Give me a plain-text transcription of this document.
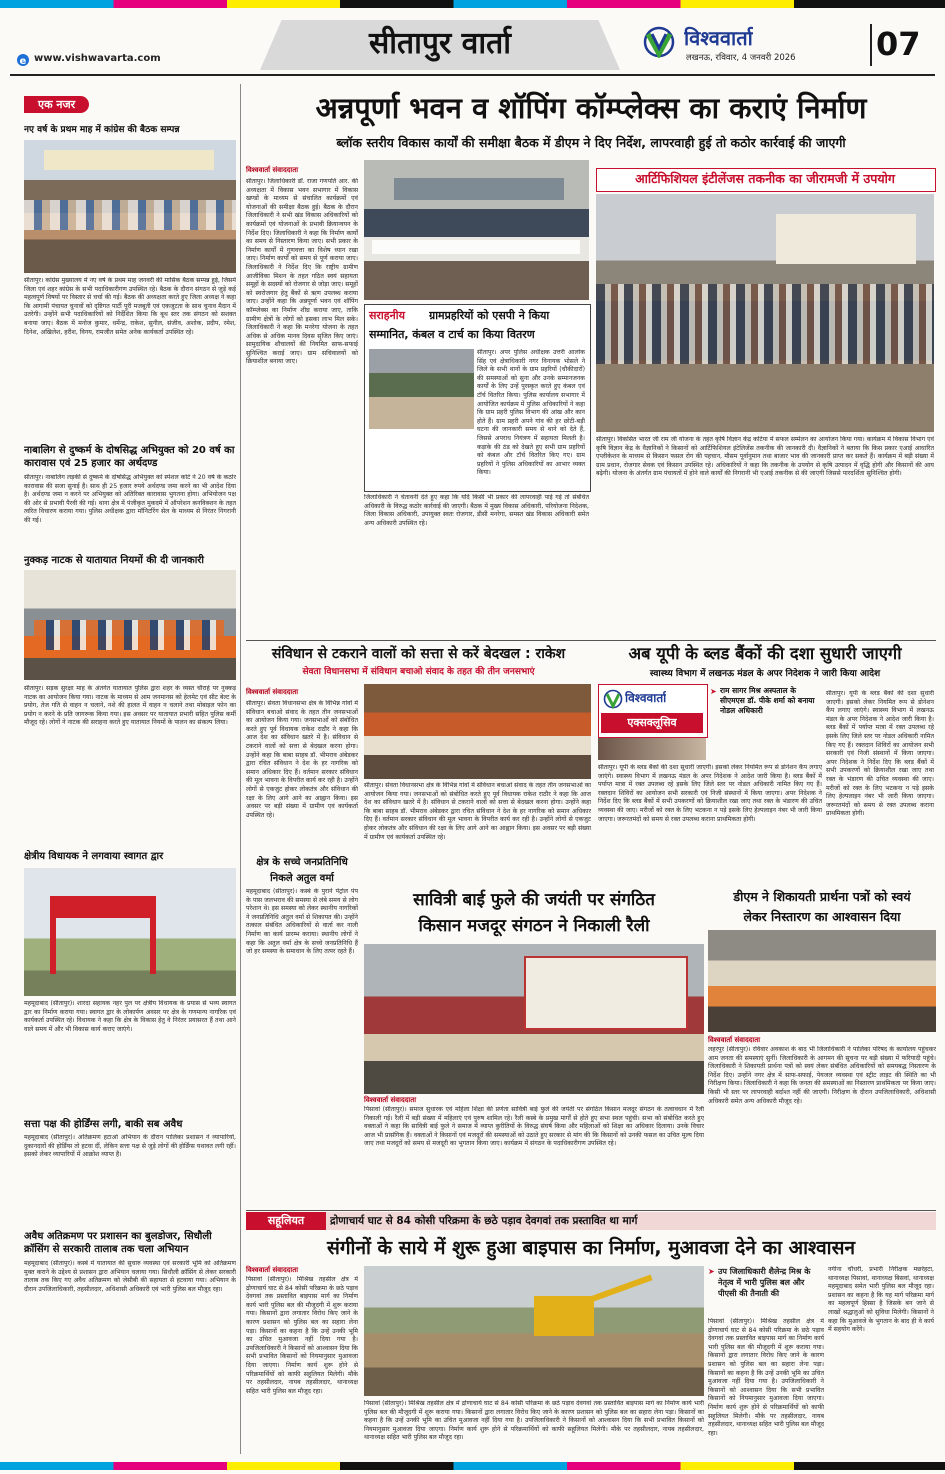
सीतापुर वार्ता	विश्ववार्ता
लखनऊ, रविवार, 4 जनवरी 2026	07
e www.vishwavarta.com
एक नजर
नए वर्ष के प्रथम माह में कांग्रेस की बैठक सम्पन्न
सीतापुर। कांग्रेस मुख्यालय में नए वर्ष के प्रथम माह जनवरी की मासिक बैठक सम्पन्न हुई, जिसमें जिला एवं शहर कांग्रेस के सभी पदाधिकारीगण उपस्थित रहे। बैठक के दौरान संगठन से जुड़े कई महत्वपूर्ण विषयों पर विस्तार से चर्चा की गई। बैठक की अध्यक्षता करते हुए जिला अध्यक्ष ने कहा कि आगामी पंचायत चुनावों को दृष्टिगत पार्टी पूरी मजबूती एवं एकजुटता के साथ चुनाव मैदान में उतरेगी। उन्होंने सभी पदाधिकारियों को निर्देशित किया कि बूथ स्तर तक संगठन को सशक्त बनाया जाए। बैठक में मनोज कुमार, धर्मेन्द्र, राकेश, सुनील, संजीव, अशोक, प्रदीप, रमेश, दिनेश, अखिलेश, हरीश, विनय, रामजीत समेत अनेक कार्यकर्ता उपस्थित रहे।
नाबालिग से दुष्कर्म के दोषसिद्ध अभियुक्त को 20 वर्ष का कारावास एवं 25 हजार का अर्थदण्ड
सीतापुर। नाबालिग लड़की से दुष्कर्म के दोषसिद्ध अभियुक्त को स्पेशल कोर्ट ने 20 वर्ष के कठोर कारावास की सजा सुनाई है। साथ ही 25 हजार रुपये अर्थदण्ड जमा करने का भी आदेश दिया है। अर्थदण्ड जमा न करने पर अभियुक्त को अतिरिक्त कारावास भुगतना होगा। अभियोजन पक्ष की ओर से प्रभावी पैरवी की गई। थाना क्षेत्र में पंजीकृत मुकदमे में ऑपरेशन कनविक्शन के तहत त्वरित विचारण कराया गया। पुलिस अधीक्षक द्वारा मॉनिटरिंग सेल के माध्यम से निरंतर निगरानी की गई।
नुक्कड़ नाटक से यातायात नियमों की दी जानकारी
सीतापुर। सड़क सुरक्षा माह के अंतर्गत यातायात पुलिस द्वारा शहर के व्यस्त चौराहे पर नुक्कड़ नाटक का आयोजन किया गया। नाटक के माध्यम से आम जनमानस को हेलमेट एवं सीट बेल्ट के प्रयोग, तेज गति से वाहन न चलाने, नशे की हालत में वाहन न चलाने तथा मोबाइल फोन का प्रयोग न करने के प्रति जागरूक किया गया। इस अवसर पर यातायात प्रभारी सहित पुलिस कर्मी मौजूद रहे। लोगों ने नाटक की सराहना करते हुए यातायात नियमों के पालन का संकल्प लिया।
क्षेत्रीय विधायक ने लगवाया स्वागत द्वार
महमूदाबाद (सीतापुर)। शारदा सहायक नहर पुल पर क्षेत्रीय विधायक के प्रयास से भव्य स्वागत द्वार का निर्माण कराया गया। स्वागत द्वार के लोकार्पण अवसर पर क्षेत्र के गणमान्य नागरिक एवं कार्यकर्ता उपस्थित रहे। विधायक ने कहा कि क्षेत्र के विकास हेतु वे निरंतर प्रयासरत हैं तथा आने वाले समय में और भी विकास कार्य कराए जाएंगे।
सत्ता पक्ष की होर्डिंग्स लगी, बाकी सब अवैध
महमूदाबाद (सीतापुर)। अतिक्रमण हटाओ अभियान के दौरान पालिका प्रशासन ने व्यापारियों, दुकानदारों की होर्डिंग्स तो हटवा दीं, लेकिन सत्ता पक्ष से जुड़े लोगों की होर्डिंग्स यथावत लगी रहीं। इसको लेकर व्यापारियों में आक्रोश व्याप्त है।
अवैध अतिक्रमण पर प्रशासन का बुलडोजर, सिधौली क्रॉसिंग से सरकारी तालाब तक चला अभियान
महमूदाबाद (सीतापुर)। कस्बे में यातायात की सुचारु व्यवस्था एवं सरकारी भूमि को अतिक्रमण मुक्त कराने के उद्देश्य से प्रशासन द्वारा अभियान चलाया गया। सिधौली क्रॉसिंग से लेकर सरकारी तालाब तक किए गए अवैध अतिक्रमण को जेसीबी की सहायता से हटवाया गया। अभियान के दौरान उपजिलाधिकारी, तहसीलदार, अधिशासी अधिकारी एवं भारी पुलिस बल मौजूद रहा।
अन्नपूर्णा भवन व शॉपिंग कॉम्प्लेक्स का कराएं निर्माण
ब्लॉक स्तरीय विकास कार्यों की समीक्षा बैठक में डीएम ने दिए निर्देश, लापरवाही हुई तो कठोर कार्रवाई की जाएगी
विश्ववार्ता संवाददाता
सीतापुर। जिलाधिकारी डॉ. राजा गणपति आर. की अध्यक्षता में विकास भवन सभागार में विकास खण्डों के माध्यम से संचालित कार्यक्रमों एवं योजनाओं की समीक्षा बैठक हुई। बैठक के दौरान जिलाधिकारी ने सभी खंड विकास अधिकारियों को कार्यक्रमों एवं योजनाओं के प्रभावी क्रियान्वयन के निर्देश दिए। जिलाधिकारी ने कहा कि निर्माण कार्यों का समय से निस्तारण किया जाए। सभी प्रकार के निर्माण कार्यों में गुणवत्ता का विशेष ध्यान रखा जाए। निर्माण कार्यों को समय से पूर्ण कराया जाए। जिलाधिकारी ने निर्देश दिए कि राष्ट्रीय ग्रामीण आजीविका मिशन के तहत गठित स्वयं सहायता समूहों के सदस्यों को रोजगार से जोड़ा जाए। समूहों को स्वरोजगार हेतु बैंकों से ऋण उपलब्ध कराया जाए। उन्होंने कहा कि अन्नपूर्णा भवन एवं शॉपिंग कॉम्प्लेक्स का निर्माण शीघ्र कराया जाए, ताकि ग्रामीण क्षेत्रों के लोगों को इसका लाभ मिल सके। जिलाधिकारी ने कहा कि मनरेगा योजना के तहत अधिक से अधिक मानव दिवस सृजित किए जाएं। सामुदायिक शौचालयों की नियमित साफ-सफाई सुनिश्चित कराई जाए। ग्राम सचिवालयों को क्रियाशील बनाया जाए।
सराहनीय ग्रामप्रहरियों को एसपी ने किया
सम्मानित, कंबल व टार्च का किया वितरण
सीतापुर। अपर पुलिस अधीक्षक उत्तरी आलोक सिंह एवं क्षेत्राधिकारी नगर विनायक भोसले ने जिले के सभी थानों के ग्राम प्रहरियों (चौकीदारों) की समस्याओं को सुना और उनके सम्मानजनक कार्यों के लिए उन्हें पुरस्कृत करते हुए कंबल एवं टॉर्च वितरित किया। पुलिस कार्यालय सभागार में आयोजित कार्यक्रम में पुलिस अधिकारियों ने कहा कि ग्राम प्रहरी पुलिस विभाग की आंख और कान होते हैं। ग्राम प्रहरी अपने गांव की हर छोटी-बड़ी घटना की जानकारी समय से थाने को देते हैं, जिससे अपराध नियंत्रण में सहायता मिलती है। कड़ाके की ठंड को देखते हुए सभी ग्राम प्रहरियों को कंबल और टॉर्च वितरित किए गए। ग्राम प्रहरियों ने पुलिस अधिकारियों का आभार व्यक्त किया।
जिलाधिकारी ने चेतावनी देते हुए कहा कि यदि किसी भी प्रकार की लापरवाही पाई गई तो संबंधित अधिकारी के विरुद्ध कठोर कार्रवाई की जाएगी। बैठक में मुख्य विकास अधिकारी, परियोजना निदेशक, जिला विकास अधिकारी, उपायुक्त स्वतः रोजगार, डीसी मनरेगा, समस्त खंड विकास अधिकारी समेत अन्य अधिकारी उपस्थित रहे।
आर्टिफिशियल इंटीलेंजस तकनीक का जीरामजी में उपयोग
सीतापुर। विकसित भारत जी राम जी योजना के तहत कृषि विज्ञान केंद्र कटिया में सफल सम्मेलन का आयोजन किया गया। कार्यक्रम में विकास विभाग एवं कृषि विज्ञान केंद्र के वैज्ञानिकों ने किसानों को आर्टिफिशियल इंटेलिजेंस तकनीक की जानकारी दी। वैज्ञानिकों ने बताया कि किस प्रकार एआई आधारित एप्लीकेशन के माध्यम से किसान फसल रोग की पहचान, मौसम पूर्वानुमान तथा बाजार भाव की जानकारी प्राप्त कर सकते हैं। कार्यक्रम में बड़ी संख्या में ग्राम प्रधान, रोजगार सेवक एवं किसान उपस्थित रहे। अधिकारियों ने कहा कि तकनीक के उपयोग से कृषि उत्पादन में वृद्धि होगी और किसानों की आय बढ़ेगी। योजना के अंतर्गत ग्राम पंचायतों में होने वाले कार्यों की निगरानी भी एआई तकनीक से की जाएगी जिससे पारदर्शिता सुनिश्चित होगी।
संविधान से टकराने वालों को सत्ता से करें बेदखल : राकेश
सेवता विधानसभा में संविधान बचाओ संवाद के तहत की तीन जनसभाएं
विश्ववार्ता संवाददाता
सीतापुर। सेवता विधानसभा क्षेत्र के विभिन्न गांवों में संविधान बचाओ संवाद के तहत तीन जनसभाओं का आयोजन किया गया। जनसभाओं को संबोधित करते हुए पूर्व विधायक राकेश राठौर ने कहा कि आज देश का संविधान खतरे में है। संविधान से टकराने वालों को सत्ता से बेदखल करना होगा। उन्होंने कहा कि बाबा साहब डॉ. भीमराव अंबेडकर द्वारा रचित संविधान ने देश के हर नागरिक को समान अधिकार दिए हैं। वर्तमान सरकार संविधान की मूल भावना के विपरीत कार्य कर रही है। उन्होंने लोगों से एकजुट होकर लोकतंत्र और संविधान की रक्षा के लिए आगे आने का आह्वान किया। इस अवसर पर बड़ी संख्या में ग्रामीण एवं कार्यकर्ता उपस्थित रहे।
सीतापुर। सेवता विधानसभा क्षेत्र के विभिन्न गांवों में संविधान बचाओ संवाद के तहत तीन जनसभाओं का आयोजन किया गया। जनसभाओं को संबोधित करते हुए पूर्व विधायक राकेश राठौर ने कहा कि आज देश का संविधान खतरे में है। संविधान से टकराने वालों को सत्ता से बेदखल करना होगा। उन्होंने कहा कि बाबा साहब डॉ. भीमराव अंबेडकर द्वारा रचित संविधान ने देश के हर नागरिक को समान अधिकार दिए हैं। वर्तमान सरकार संविधान की मूल भावना के विपरीत कार्य कर रही है। उन्होंने लोगों से एकजुट होकर लोकतंत्र और संविधान की रक्षा के लिए आगे आने का आह्वान किया। इस अवसर पर बड़ी संख्या में ग्रामीण एवं कार्यकर्ता उपस्थित रहे।
क्षेत्र के सच्चे जनप्रतिनिधि
निकले अतुल वर्मा
महमूदाबाद (सीतापुर)। कस्बे के पुराने पेट्रोल पंप के पास जलभराव की समस्या से लंबे समय से लोग परेशान थे। इस समस्या को लेकर स्थानीय नागरिकों ने जनप्रतिनिधि अतुल वर्मा से शिकायत की। उन्होंने तत्काल संबंधित अधिकारियों से वार्ता कर नाली निर्माण का कार्य प्रारम्भ कराया। स्थानीय लोगों ने कहा कि अतुल वर्मा क्षेत्र के सच्चे जनप्रतिनिधि हैं जो हर समस्या के समाधान के लिए तत्पर रहते हैं।
अब यूपी के ब्लड बैंकों की दशा सुधारी जाएगी
स्वास्थ्य विभाग में लखनऊ मंडल के अपर निदेशक ने जारी किया आदेश
विश्ववार्ता
एक्सक्लूसिव
➤ राम सागर मिश्र अस्पताल के सीएमएस डॉ. पीके शर्मा को बनाया नोडल अधिकारी
सीतापुर। यूपी के ब्लड बैंकों की दशा सुधारी जाएगी। इसको लेकर नियमित रूप से डोनेशन कैंप लगाए जाएंगे। स्वास्थ्य विभाग में लखनऊ मंडल के अपर निदेशक ने आदेश जारी किया है। ब्लड बैंकों में पर्याप्त मात्रा में रक्त उपलब्ध रहे इसके लिए जिले स्तर पर नोडल अधिकारी नामित किए गए हैं। रक्तदान शिविरों का आयोजन सभी सरकारी एवं निजी संस्थानों में किया जाएगा। अपर निदेशक ने निर्देश दिए कि ब्लड बैंकों में सभी उपकरणों को क्रियाशील रखा जाए तथा रक्त के भंडारण की उचित व्यवस्था की जाए। मरीजों को रक्त के लिए भटकना न पड़े इसके लिए हेल्पलाइन नंबर भी जारी किया जाएगा। जरूरतमंदों को समय से रक्त उपलब्ध कराना प्राथमिकता होगी।
सीतापुर। यूपी के ब्लड बैंकों की दशा सुधारी जाएगी। इसको लेकर नियमित रूप से डोनेशन कैंप लगाए जाएंगे। स्वास्थ्य विभाग में लखनऊ मंडल के अपर निदेशक ने आदेश जारी किया है। ब्लड बैंकों में पर्याप्त मात्रा में रक्त उपलब्ध रहे इसके लिए जिले स्तर पर नोडल अधिकारी नामित किए गए हैं। रक्तदान शिविरों का आयोजन सभी सरकारी एवं निजी संस्थानों में किया जाएगा। अपर निदेशक ने निर्देश दिए कि ब्लड बैंकों में सभी उपकरणों को क्रियाशील रखा जाए तथा रक्त के भंडारण की उचित व्यवस्था की जाए। मरीजों को रक्त के लिए भटकना न पड़े इसके लिए हेल्पलाइन नंबर भी जारी किया जाएगा। जरूरतमंदों को समय से रक्त उपलब्ध कराना प्राथमिकता होगी।
सावित्री बाई फुले की जयंती पर संगठित
किसान मजदूर संगठन ने निकाली रैली
विश्ववार्ता संवाददाता
पिसावां (सीतापुर)। समाज सुधारक एवं महिला शिक्षा की प्रणेता सावित्री बाई फुले की जयंती पर संगठित किसान मजदूर संगठन के तत्वावधान में रैली निकाली गई। रैली में बड़ी संख्या में महिलाएं एवं पुरुष शामिल रहे। रैली कस्बे के प्रमुख मार्गों से होते हुए सभा स्थल पहुंची। सभा को संबोधित करते हुए वक्ताओं ने कहा कि सावित्री बाई फुले ने समाज में व्याप्त कुरीतियों के विरुद्ध संघर्ष किया और महिलाओं को शिक्षा का अधिकार दिलाया। उनके विचार आज भी प्रासंगिक हैं। वक्ताओं ने किसानों एवं मजदूरों की समस्याओं को उठाते हुए सरकार से मांग की कि किसानों को उनकी फसल का उचित मूल्य दिया जाए तथा मजदूरों को समय से मजदूरी का भुगतान किया जाए। कार्यक्रम में संगठन के पदाधिकारीगण उपस्थित रहे।
डीएम ने शिकायती प्रार्थना पत्रों को स्वयं
लेकर निस्तारण का आश्वासन दिया
विश्ववार्ता संवाददाता
लहरपुर (सीतापुर)। रविवार अवकाश के बाद भी जिलाधिकारी ने पालिका परिषद के कार्यालय पहुंचकर आम जनता की समस्याएं सुनीं। जिलाधिकारी के आगमन की सूचना पर बड़ी संख्या में फरियादी पहुंचे। जिलाधिकारी ने शिकायती प्रार्थना पत्रों को स्वयं लेकर संबंधित अधिकारियों को समयबद्ध निस्तारण के निर्देश दिए। उन्होंने नगर क्षेत्र में साफ-सफाई, पेयजल व्यवस्था एवं स्ट्रीट लाइट की स्थिति का भी निरीक्षण किया। जिलाधिकारी ने कहा कि जनता की समस्याओं का निस्तारण प्राथमिकता पर किया जाए। किसी भी स्तर पर लापरवाही बर्दाश्त नहीं की जाएगी। निरीक्षण के दौरान उपजिलाधिकारी, अधिशासी अधिकारी समेत अन्य अधिकारी मौजूद रहे।
सहूलियत	द्रोणाचार्य घाट से 84 कोसी परिक्रमा के छठे पड़ाव देवगवां तक प्रस्तावित था मार्ग
संगीनों के साये में शुरू हुआ बाइपास का निर्माण, मुआवजा देने का आश्वासन
विश्ववार्ता संवाददाता
पिसावां (सीतापुर)। मिश्रिख तहसील क्षेत्र में द्रोणाचार्य घाट से 84 कोसी परिक्रमा के छठे पड़ाव देवगवां तक प्रस्तावित बाइपास मार्ग का निर्माण कार्य भारी पुलिस बल की मौजूदगी में शुरू कराया गया। किसानों द्वारा लगातार विरोध किए जाने के कारण प्रशासन को पुलिस बल का सहारा लेना पड़ा। किसानों का कहना है कि उन्हें उनकी भूमि का उचित मुआवजा नहीं दिया गया है। उपजिलाधिकारी ने किसानों को आश्वासन दिया कि सभी प्रभावित किसानों को नियमानुसार मुआवजा दिया जाएगा। निर्माण कार्य शुरू होने से परिक्रमार्थियों को काफी सहूलियत मिलेगी। मौके पर तहसीलदार, नायब तहसीलदार, थानाध्यक्ष सहित भारी पुलिस बल मौजूद रहा।
पिसावां (सीतापुर)। मिश्रिख तहसील क्षेत्र में द्रोणाचार्य घाट से 84 कोसी परिक्रमा के छठे पड़ाव देवगवां तक प्रस्तावित बाइपास मार्ग का निर्माण कार्य भारी पुलिस बल की मौजूदगी में शुरू कराया गया। किसानों द्वारा लगातार विरोध किए जाने के कारण प्रशासन को पुलिस बल का सहारा लेना पड़ा। किसानों का कहना है कि उन्हें उनकी भूमि का उचित मुआवजा नहीं दिया गया है। उपजिलाधिकारी ने किसानों को आश्वासन दिया कि सभी प्रभावित किसानों को नियमानुसार मुआवजा दिया जाएगा। निर्माण कार्य शुरू होने से परिक्रमार्थियों को काफी सहूलियत मिलेगी। मौके पर तहसीलदार, नायब तहसीलदार, थानाध्यक्ष सहित भारी पुलिस बल मौजूद रहा।
➤ उप जिलाधिकारी शैलेन्द्र मिश्र के नेतृत्व में भारी पुलिस बल और पीएसी की तैनाती की
पिसावां (सीतापुर)। मिश्रिख तहसील क्षेत्र में द्रोणाचार्य घाट से 84 कोसी परिक्रमा के छठे पड़ाव देवगवां तक प्रस्तावित बाइपास मार्ग का निर्माण कार्य भारी पुलिस बल की मौजूदगी में शुरू कराया गया। किसानों द्वारा लगातार विरोध किए जाने के कारण प्रशासन को पुलिस बल का सहारा लेना पड़ा। किसानों का कहना है कि उन्हें उनकी भूमि का उचित मुआवजा नहीं दिया गया है। उपजिलाधिकारी ने किसानों को आश्वासन दिया कि सभी प्रभावित किसानों को नियमानुसार मुआवजा दिया जाएगा। निर्माण कार्य शुरू होने से परिक्रमार्थियों को काफी सहूलियत मिलेगी। मौके पर तहसीलदार, नायब तहसीलदार, थानाध्यक्ष सहित भारी पुलिस बल मौजूद रहा।
नगीना चौधरी, प्रभारी निरीक्षक मछरेहटा, थानाध्यक्ष पिसावां, थानाध्यक्ष बिसवां, थानाध्यक्ष महमूदाबाद समेत भारी पुलिस बल मौजूद रहा। प्रशासन का कहना है कि यह मार्ग परिक्रमा मार्ग का महत्वपूर्ण हिस्सा है जिसके बन जाने से लाखों श्रद्धालुओं को सुविधा मिलेगी। किसानों ने कहा कि मुआवजे के भुगतान के बाद ही वे कार्य में सहयोग करेंगे।
